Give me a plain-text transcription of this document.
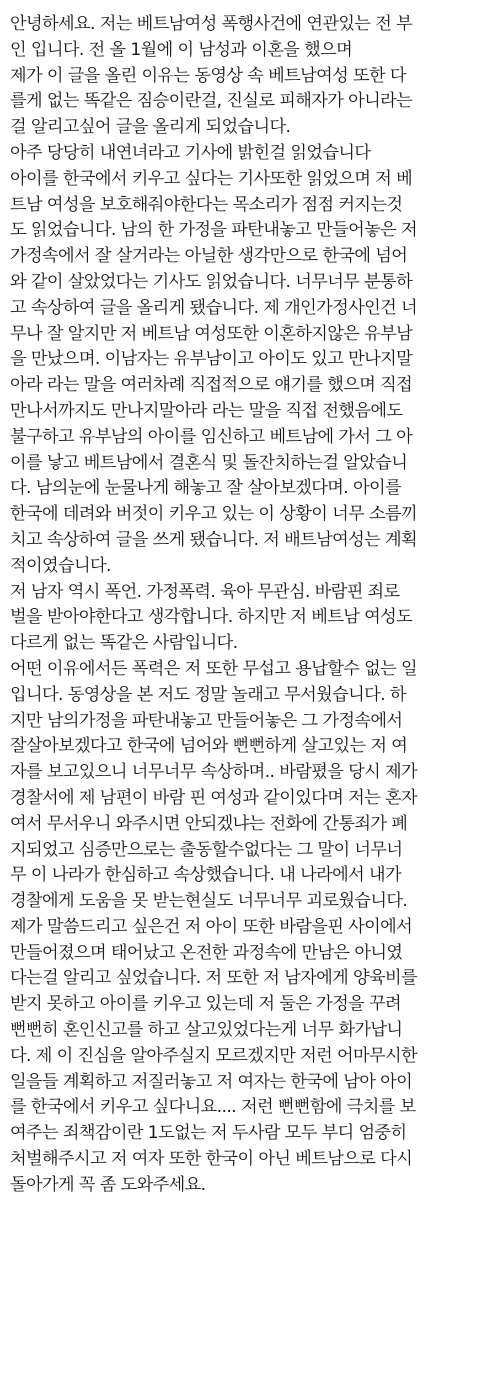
안녕하세요. 저는 베트남여성 폭행사건에 연관있는 전 부
인 입니다. 전 올 1월에 이 남성과 이혼을 했으며
제가 이 글을 올린 이유는 동영상 속 베트남여성 또한 다
를게 없는 똑같은 짐승이란걸, 진실로 피해자가 아니라는
걸 알리고싶어 글을 올리게 되었습니다.
아주 당당히 내연녀라고 기사에 밝힌걸 읽었습니다
아이를 한국에서 키우고 싶다는 기사또한 읽었으며 저 베
트남 여성을 보호해줘야한다는 목소리가 점점 커지는것
도 읽었습니다. 남의 한 가정을 파탄내놓고 만들어놓은 저
가정속에서 잘 살거라는 아닐한 생각만으로 한국에 넘어
와 같이 살았었다는 기사도 읽었습니다. 너무너무 분통하
고 속상하여 글을 올리게 됐습니다. 제 개인가정사인건 너
무나 잘 알지만 저 베트남 여성또한 이혼하지않은 유부남
을 만났으며. 이남자는 유부남이고 아이도 있고 만나지말
아라 라는 말을 여러차례 직접적으로 얘기를 했으며 직접
만나서까지도 만나지말아라 라는 말을 직접 전했음에도
불구하고 유부남의 아이를 임신하고 베트남에 가서 그 아
이를 낳고 베트남에서 결혼식 및 돌잔치하는걸 알았습니
다. 남의눈에 눈물나게 해놓고 잘 살아보겠다며. 아이를
한국에 데려와 버젓이 키우고 있는 이 상황이 너무 소름끼
치고 속상하여 글을 쓰게 됐습니다. 저 배트남여성는 계획
적이였습니다.
저 남자 역시 폭언. 가정폭력. 육아 무관심. 바람핀 죄로
벌을 받아야한다고 생각합니다. 하지만 저 베트남 여성도
다르게 없는 똑같은 사람입니다.
어떤 이유에서든 폭력은 저 또한 무섭고 용납할수 없는 일
입니다. 동영상을 본 저도 정말 놀래고 무서웠습니다. 하
지만 남의가정을 파탄내놓고 만들어놓은 그 가정속에서
잘살아보겠다고 한국에 넘어와 뻔뻔하게 살고있는 저 여
자를 보고있으니 너무너무 속상하며.. 바람폈을 당시 제가
경찰서에 제 남편이 바람 핀 여성과 같이있다며 저는 혼자
여서 무서우니 와주시면 안되겠냐는 전화에 간통죄가 폐
지되었고 심증만으로는 출동할수없다는 그 말이 너무너
무 이 나라가 한심하고 속상했습니다. 내 나라에서 내가
경찰에게 도움을 못 받는현실도 너무너무 괴로웠습니다.
제가 말씀드리고 싶은건 저 아이 또한 바람을핀 사이에서
만들어졌으며 태어났고 온전한 과정속에 만남은 아니였
다는걸 알리고 싶었습니다. 저 또한 저 남자에게 양육비를
받지 못하고 아이를 키우고 있는데 저 둘은 가정을 꾸려
뻔뻔히 혼인신고를 하고 살고있었다는게 너무 화가납니
다. 제 이 진심을 알아주실지 모르겠지만 저런 어마무시한
일을들 계획하고 저질러놓고 저 여자는 한국에 남아 아이
를 한국에서 키우고 싶다니요.... 저런 뻔뻔함에 극치를 보
여주는 죄책감이란 1도없는 저 두사람 모두 부디 엄중히
처벌해주시고 저 여자 또한 한국이 아닌 베트남으로 다시
돌아가게 꼭 좀 도와주세요.
